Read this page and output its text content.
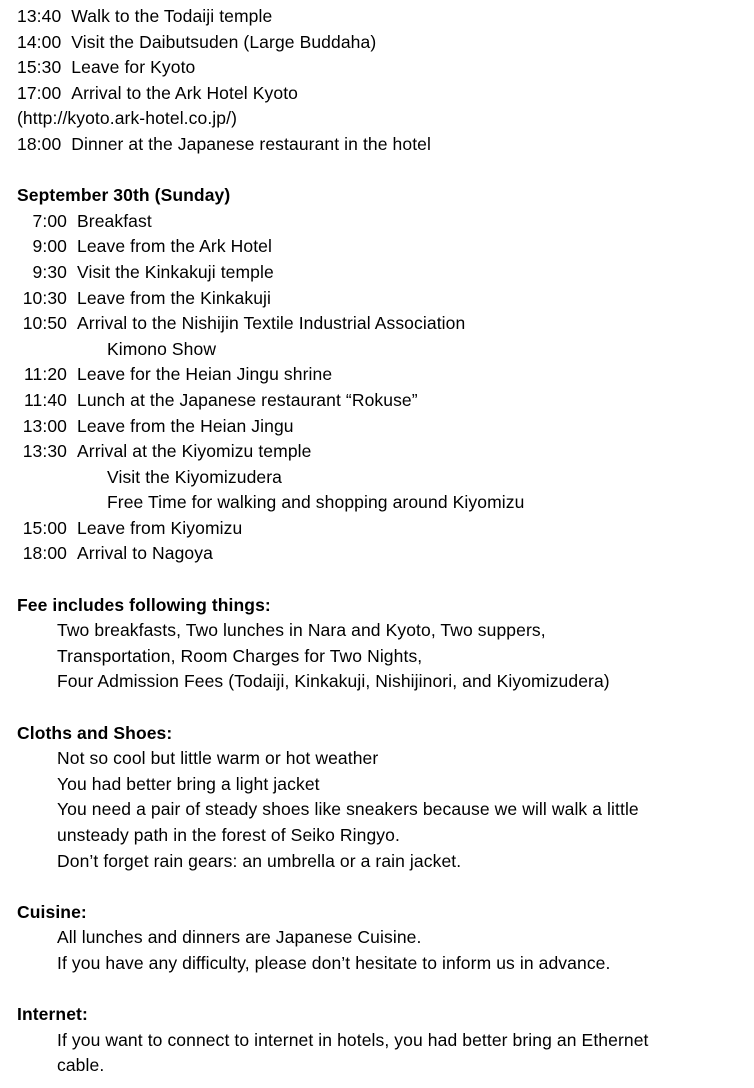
13:40 Walk to the Todaiji temple
14:00 Visit the Daibutsuden (Large Buddaha)
15:30 Leave for Kyoto
17:00 Arrival to the Ark Hotel Kyoto
(http://kyoto.ark-hotel.co.jp/)
18:00 Dinner at the Japanese restaurant in the hotel
September 30th (Sunday)
7:00 Breakfast
9:00 Leave from the Ark Hotel
9:30 Visit the Kinkakuji temple
10:30 Leave from the Kinkakuji
10:50 Arrival to the Nishijin Textile Industrial Association
Kimono Show
11:20 Leave for the Heian Jingu shrine
11:40 Lunch at the Japanese restaurant “Rokuse”
13:00 Leave from the Heian Jingu
13:30 Arrival at the Kiyomizu temple
Visit the Kiyomizudera
Free Time for walking and shopping around Kiyomizu
15:00 Leave from Kiyomizu
18:00 Arrival to Nagoya
Fee includes following things:
Two breakfasts, Two lunches in Nara and Kyoto, Two suppers,
Transportation, Room Charges for Two Nights,
Four Admission Fees (Todaiji, Kinkakuji, Nishijinori, and Kiyomizudera)
Cloths and Shoes:
Not so cool but little warm or hot weather
You had better bring a light jacket
You need a pair of steady shoes like sneakers because we will walk a little
unsteady path in the forest of Seiko Ringyo.
Don’t forget rain gears: an umbrella or a rain jacket.
Cuisine:
All lunches and dinners are Japanese Cuisine.
If you have any difficulty, please don’t hesitate to inform us in advance.
Internet:
If you want to connect to internet in hotels, you had better bring an Ethernet
cable.
